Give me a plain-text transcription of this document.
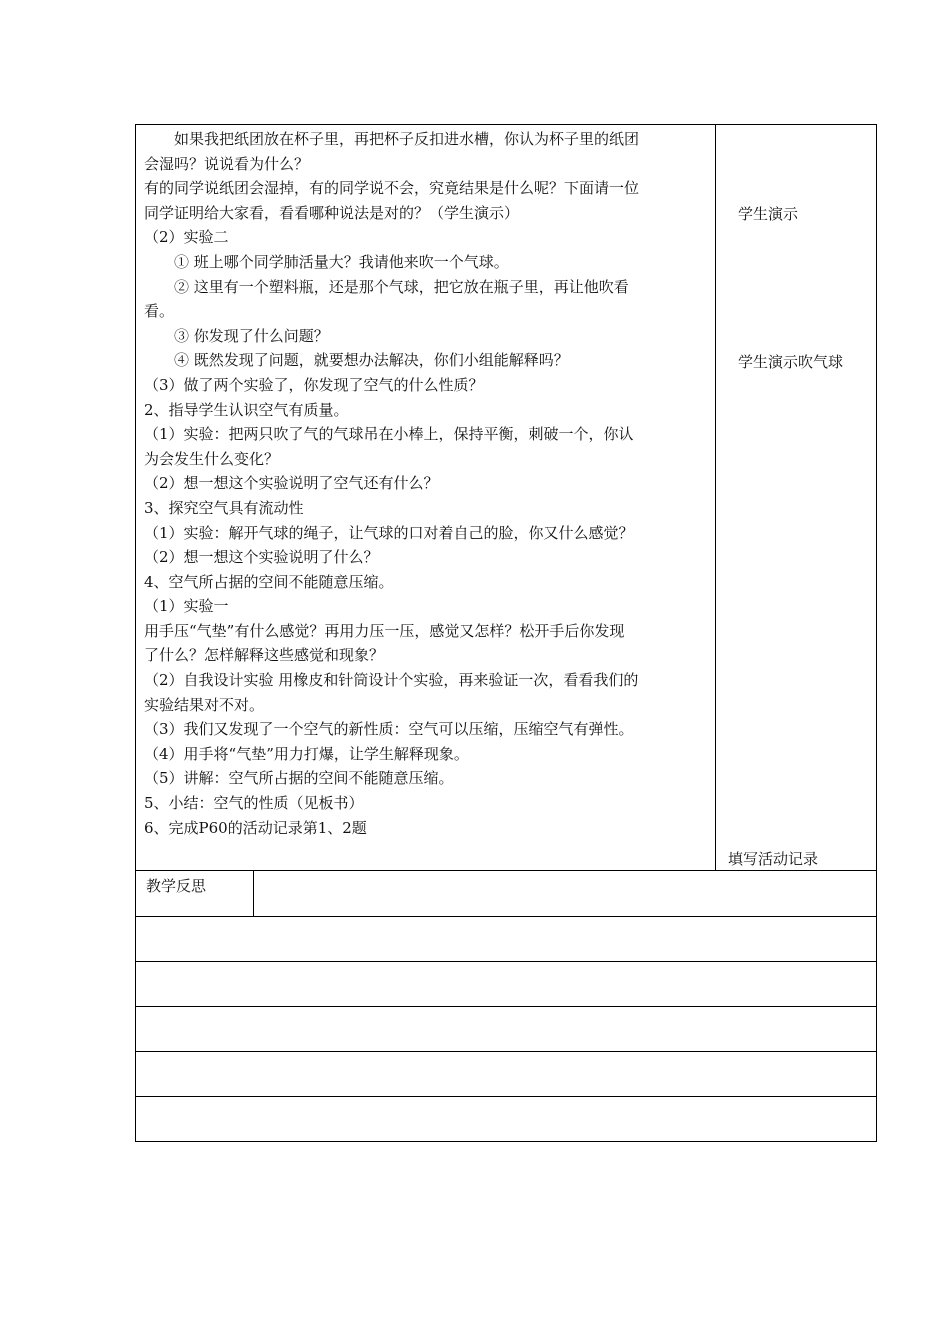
如果我把纸团放在杯子里，再把杯子反扣进水槽，你认为杯子里的纸团

会湿吗？说说看为什么？

有的同学说纸团会湿掉，有的同学说不会，究竟结果是什么呢？下面请一位

同学证明给大家看，看看哪种说法是对的？（学生演示）

（2）实验二

① 班上哪个同学肺活量大？我请他来吹一个气球。

② 这里有一个塑料瓶，还是那个气球，把它放在瓶子里，再让他吹看

看。

③ 你发现了什么问题？

④ 既然发现了问题，就要想办法解决，你们小组能解释吗？

（3）做了两个实验了，你发现了空气的什么性质？

2、指导学生认识空气有质量。

（1）实验：把两只吹了气的气球吊在小棒上，保持平衡，刺破一个，你认

为会发生什么变化？

（2）想一想这个实验说明了空气还有什么？

3、探究空气具有流动性

（1）实验：解开气球的绳子，让气球的口对着自己的脸，你又什么感觉？

（2）想一想这个实验说明了什么？

4、空气所占据的空间不能随意压缩。

（1）实验一

用手压“气垫”有什么感觉？再用力压一压，感觉又怎样？松开手后你发现

了什么？怎样解释这些感觉和现象？

（2）自我设计实验 用橡皮和针筒设计个实验，再来验证一次，看看我们的

实验结果对不对。

（3）我们又发现了一个空气的新性质：空气可以压缩，压缩空气有弹性。

（4）用手将“气垫”用力打爆，让学生解释现象。

（5）讲解：空气所占据的空间不能随意压缩。

5、小结：空气的性质（见板书）

6、完成P60的活动记录第1、2题

学生演示
学生演示吹气球
填写活动记录
教学反思
